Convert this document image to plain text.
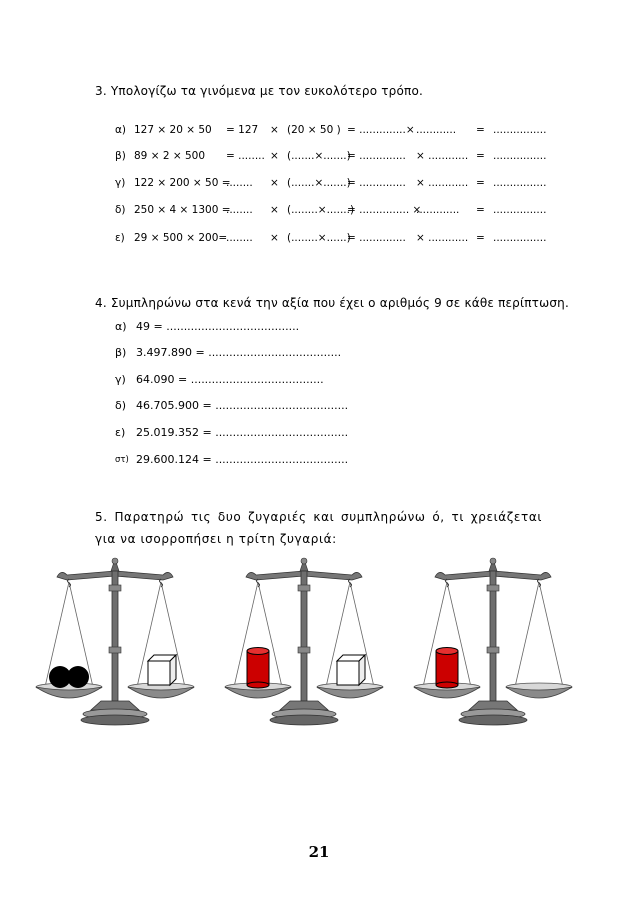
3. Υπολογίζω τα γινόμενα με τον ευκολότερο τρόπο.
α) 127 × 20 × 50 = 127 × (20 × 50 ) = ..............× ............ = ................
β) 89 × 2 × 500 = ........ × (.......×.......)
= .............. × ............ = ................
γ) 122 × 200 × 50 =
........ × (.......×.......)
= .............. × ............ = ................
δ) 250 × 4 × 1300 =
........ × (........×.......)
= ............... ×
............. = ................
ε) 29 × 500 × 200=
........ × (........×......)
= .............. × ............ = ................
4. Συμπληρώνω στα κενά την αξία που έχει ο αριθμός 9 σε κάθε περίπτωση.
α) 49 = ......................................
β) 3.497.890 = ......................................
γ) 64.090 = ......................................
δ) 46.705.900 = ......................................
ε) 25.019.352 = ......................................
στ) 29.600.124 = ......................................
5. Παρατηρώ τις δυο ζυγαριές και συμπληρώνω ό, τι χρειάζεται για να ισορροπήσει η τρίτη ζυγαριά:
21
